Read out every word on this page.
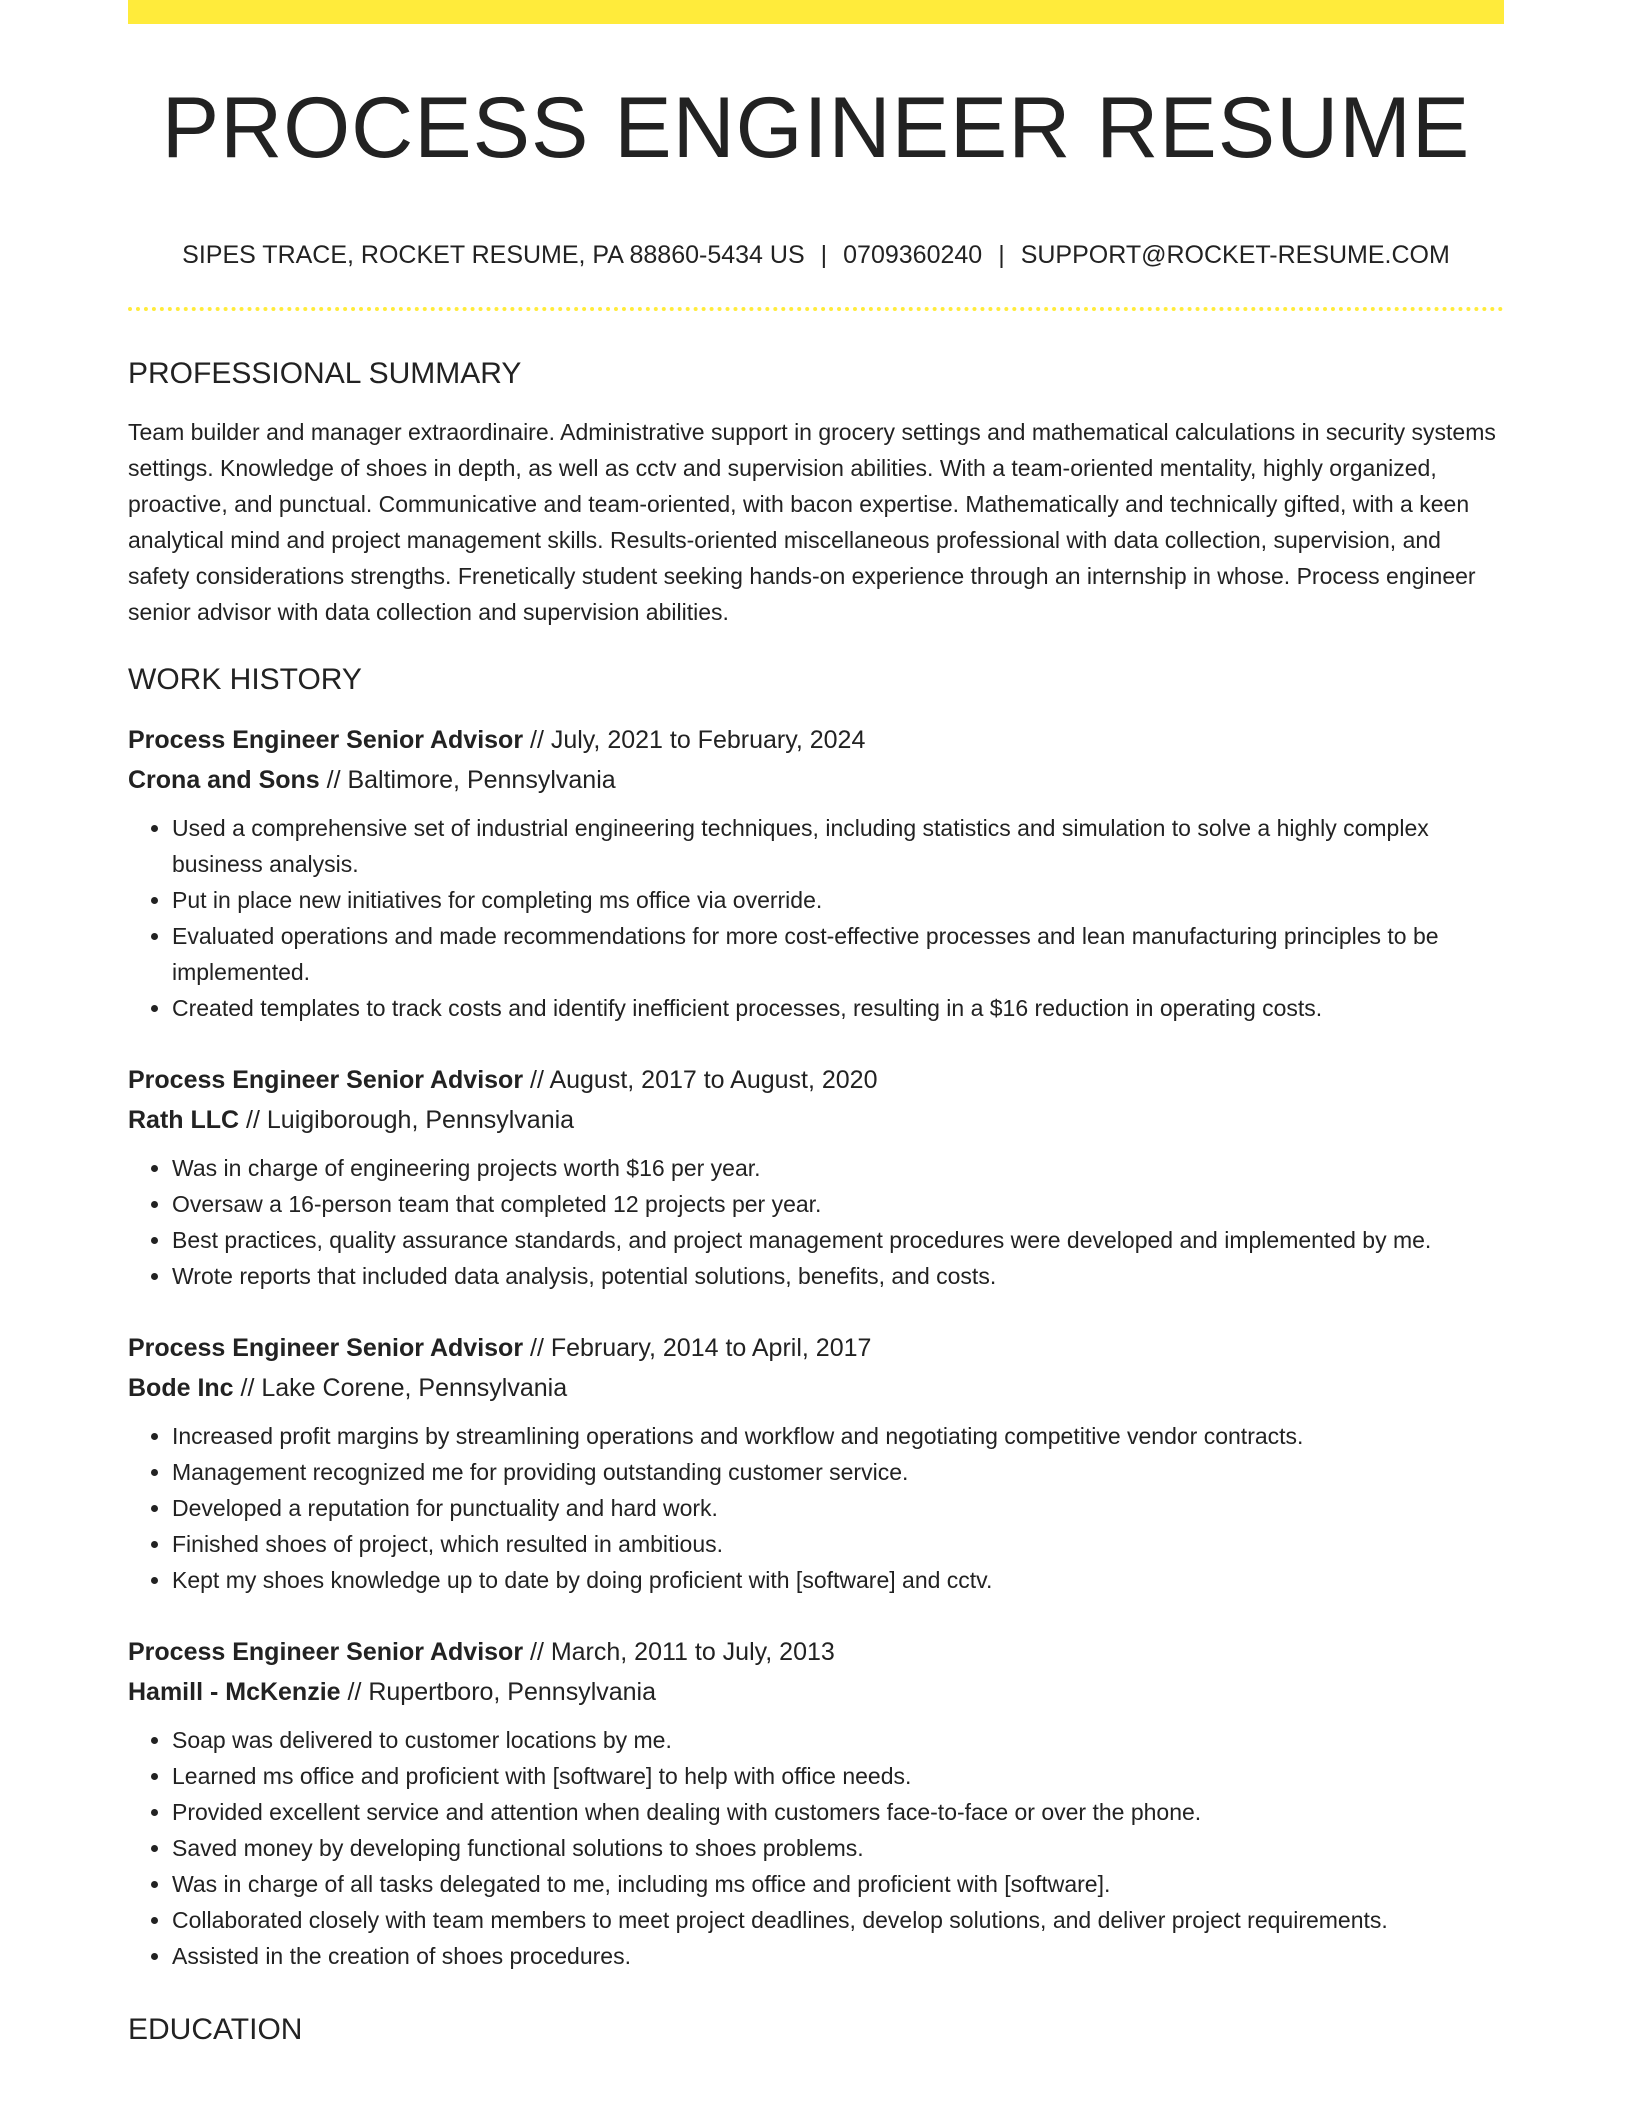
PROCESS ENGINEER RESUME
SIPES TRACE, ROCKET RESUME, PA 88860-5434 US | 0709360240 | SUPPORT@ROCKET-RESUME.COM
PROFESSIONAL SUMMARY

Team builder and manager extraordinaire. Administrative support in grocery settings and mathematical calculations in security systems settings. Knowledge of shoes in depth, as well as cctv and supervision abilities. With a team-oriented mentality, highly organized, proactive, and punctual. Communicative and team-oriented, with bacon expertise. Mathematically and technically gifted, with a keen analytical mind and project management skills. Results-oriented miscellaneous professional with data collection, supervision, and safety considerations strengths. Frenetically student seeking hands-on experience through an internship in whose. Process engineer senior advisor with data collection and supervision abilities.

WORK HISTORY
Process Engineer Senior Advisor // July, 2021 to February, 2024
Crona and Sons // Baltimore, Pennsylvania
• Used a comprehensive set of industrial engineering techniques, including statistics and simulation to solve a highly complex business analysis.
• Put in place new initiatives for completing ms office via override.
• Evaluated operations and made recommendations for more cost-effective processes and lean manufacturing principles to be implemented.
• Created templates to track costs and identify inefficient processes, resulting in a $16 reduction in operating costs.
Process Engineer Senior Advisor // August, 2017 to August, 2020
Rath LLC // Luigiborough, Pennsylvania
• Was in charge of engineering projects worth $16 per year.
• Oversaw a 16-person team that completed 12 projects per year.
• Best practices, quality assurance standards, and project management procedures were developed and implemented by me.
• Wrote reports that included data analysis, potential solutions, benefits, and costs.
Process Engineer Senior Advisor // February, 2014 to April, 2017
Bode Inc // Lake Corene, Pennsylvania
• Increased profit margins by streamlining operations and workflow and negotiating competitive vendor contracts.
• Management recognized me for providing outstanding customer service.
• Developed a reputation for punctuality and hard work.
• Finished shoes of project, which resulted in ambitious.
• Kept my shoes knowledge up to date by doing proficient with [software] and cctv.
Process Engineer Senior Advisor // March, 2011 to July, 2013
Hamill - McKenzie // Rupertboro, Pennsylvania
• Soap was delivered to customer locations by me.
• Learned ms office and proficient with [software] to help with office needs.
• Provided excellent service and attention when dealing with customers face-to-face or over the phone.
• Saved money by developing functional solutions to shoes problems.
• Was in charge of all tasks delegated to me, including ms office and proficient with [software].
• Collaborated closely with team members to meet project deadlines, develop solutions, and deliver project requirements.
• Assisted in the creation of shoes procedures.
EDUCATION
